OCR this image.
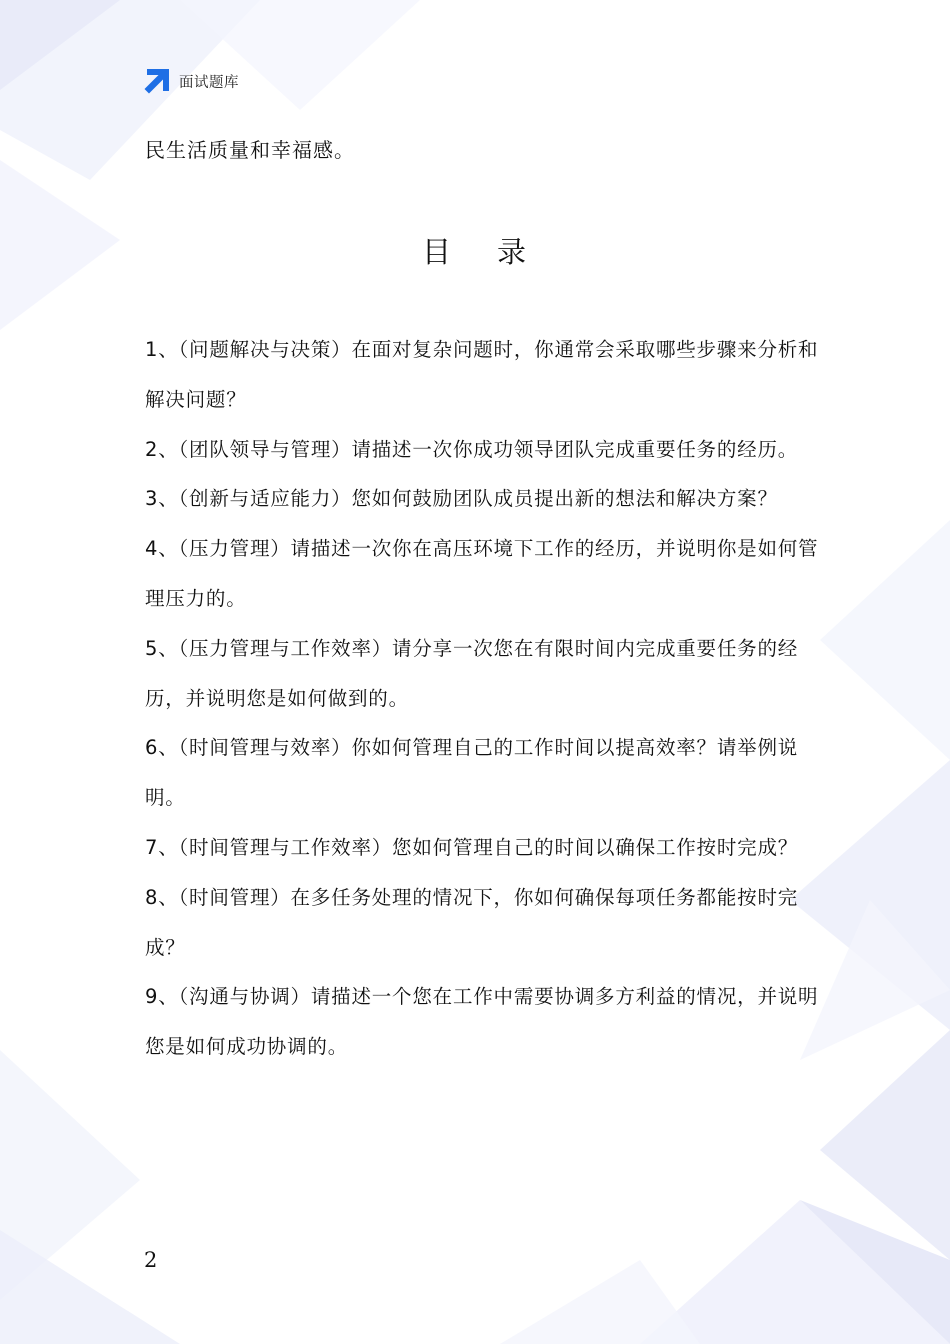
面试题库
民生活质量和幸福感。
目 录
1、（问题解决与决策）在面对复杂问题时，你通常会采取哪些步骤来分析和解决问题？
2、（团队领导与管理）请描述一次你成功领导团队完成重要任务的经历。
3、（创新与适应能力）您如何鼓励团队成员提出新的想法和解决方案？
4、（压力管理）请描述一次你在高压环境下工作的经历，并说明你是如何管理压力的。
5、（压力管理与工作效率）请分享一次您在有限时间内完成重要任务的经历，并说明您是如何做到的。
6、（时间管理与效率）你如何管理自己的工作时间以提高效率？请举例说明。
7、（时间管理与工作效率）您如何管理自己的时间以确保工作按时完成？
8、（时间管理）在多任务处理的情况下，你如何确保每项任务都能按时完成？
9、（沟通与协调）请描述一个您在工作中需要协调多方利益的情况，并说明您是如何成功协调的。
2
